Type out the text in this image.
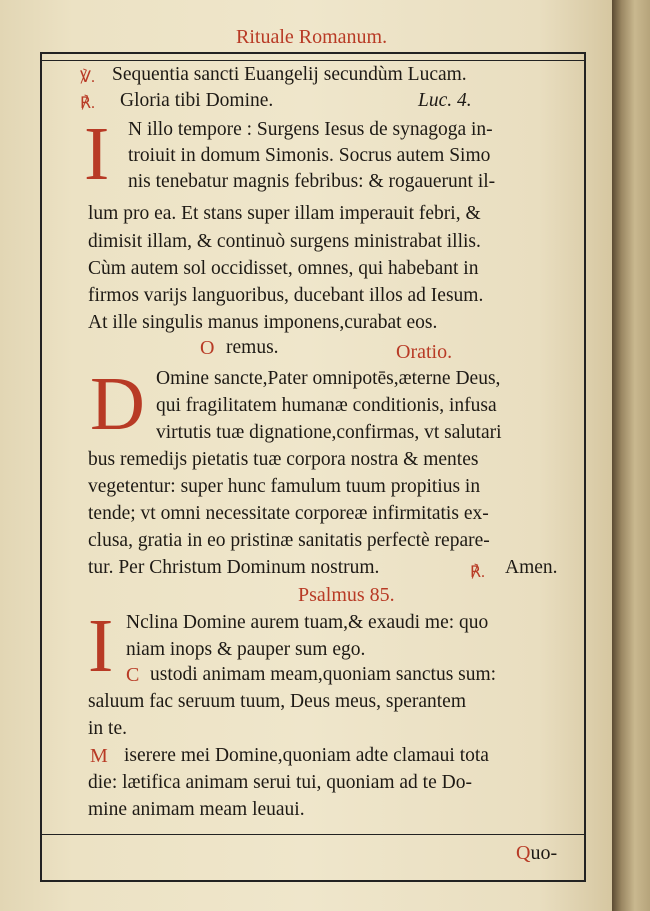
Rituale Romanum.
℣. Sequentia sancti Euangelij secundùm Lucam.
℟. Gloria tibi Domine.	Luc. 4.
I N illo tempore : Surgens Iesus de synagoga in-
troiuit in domum Simonis. Socrus autem Simo
nis tenebatur magnis febribus: & rogauerunt il-
lum pro ea. Et stans super illam imperauit febri, &
dimisit illam, & continuò surgens ministrabat illis.
Cùm autem sol occidisset, omnes, qui habebant in
firmos varijs languoribus, ducebant illos ad Iesum.
At ille singulis manus imponens,curabat eos.
O remus.	Oratio.
D Omine sancte,Pater omnipotēs,æterne Deus,
qui fragilitatem humanæ conditionis, infusa
virtutis tuæ dignatione,confirmas, vt salutari
bus remedijs pietatis tuæ corpora nostra & mentes
vegetentur: super hunc famulum tuum propitius in
tende; vt omni necessitate corporeæ infirmitatis ex-
clusa, gratia in eo pristinæ sanitatis perfectè repare-
tur. Per Christum Dominum nostrum.	℟. Amen.
Psalmus 85.
I Nclina Domine aurem tuam,& exaudi me: quo
niam inops & pauper sum ego.
C ustodi animam meam,quoniam sanctus sum:
saluum fac seruum tuum, Deus meus, sperantem
in te.
M iserere mei Domine,quoniam adte clamaui tota
die: lætifica animam serui tui, quoniam ad te Do-
mine animam meam leuaui.
Quo-
